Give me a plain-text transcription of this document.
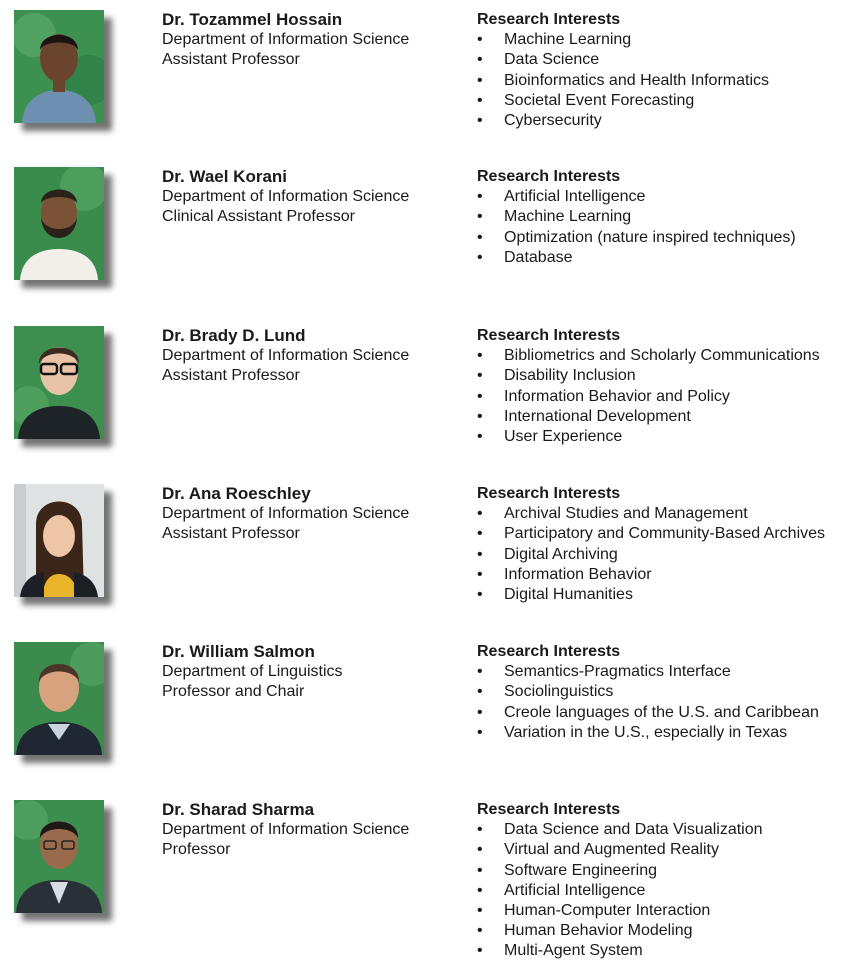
Dr. Tozammel Hossain
Department of Information Science
Assistant Professor
Research Interests
• Machine Learning
• Data Science
• Bioinformatics and Health Informatics
• Societal Event Forecasting
• Cybersecurity
Dr. Wael Korani
Department of Information Science
Clinical Assistant Professor
Research Interests
• Artificial Intelligence
• Machine Learning
• Optimization (nature inspired techniques)
• Database
Dr. Brady D. Lund
Department of Information Science
Assistant Professor
Research Interests
• Bibliometrics and Scholarly Communications
• Disability Inclusion
• Information Behavior and Policy
• International Development
• User Experience
Dr. Ana Roeschley
Department of Information Science
Assistant Professor
Research Interests
• Archival Studies and Management
• Participatory and Community-Based Archives
• Digital Archiving
• Information Behavior
• Digital Humanities
Dr. William Salmon
Department of Linguistics
Professor and Chair
Research Interests
• Semantics-Pragmatics Interface
• Sociolinguistics
• Creole languages of the U.S. and Caribbean
• Variation in the U.S., especially in Texas
Dr. Sharad Sharma
Department of Information Science
Professor
Research Interests
• Data Science and Data Visualization
• Virtual and Augmented Reality
• Software Engineering
• Artificial Intelligence
• Human-Computer Interaction
• Human Behavior Modeling
• Multi-Agent System
